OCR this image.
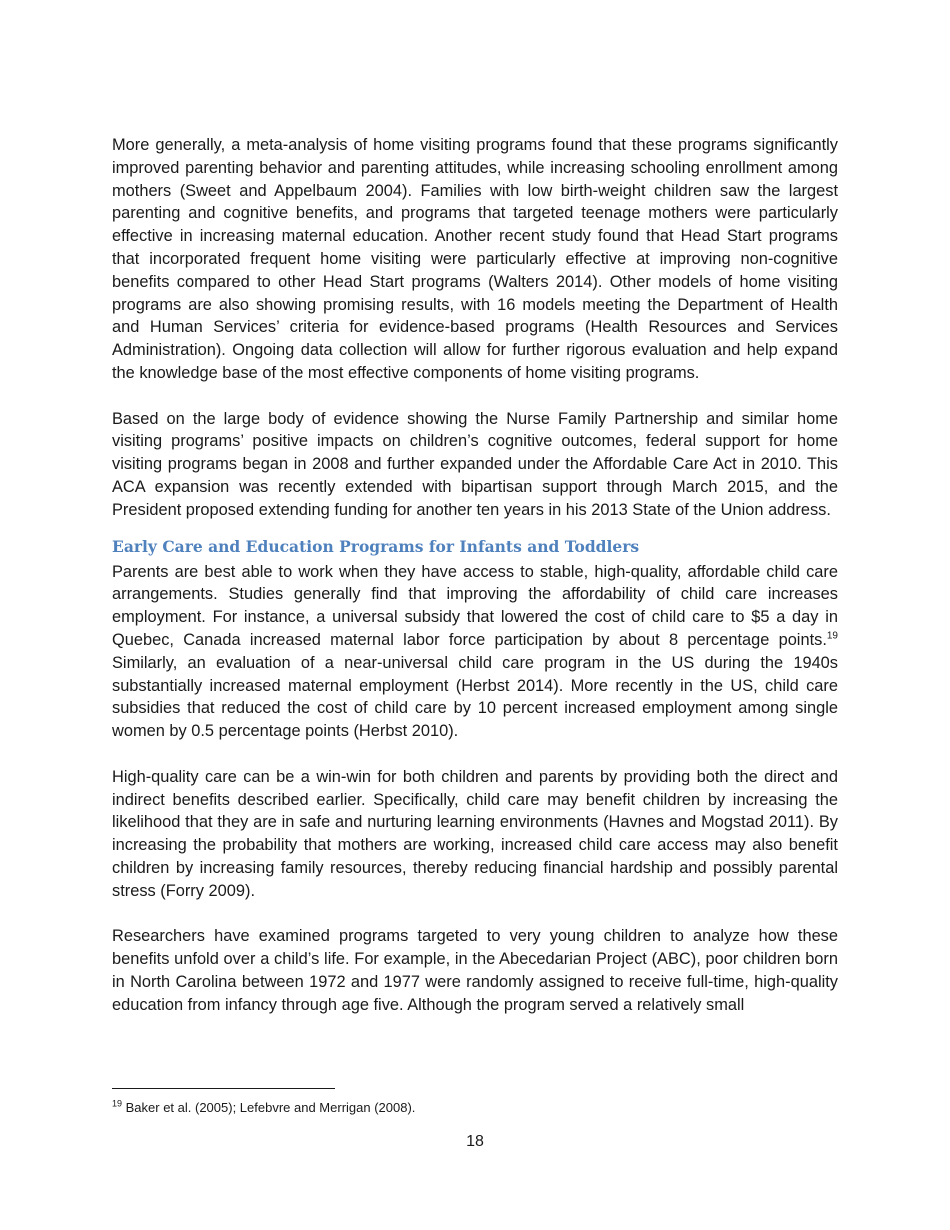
More generally, a meta-analysis of home visiting programs found that these programs significantly improved parenting behavior and parenting attitudes, while increasing schooling enrollment among mothers (Sweet and Appelbaum 2004). Families with low birth-weight children saw the largest parenting and cognitive benefits, and programs that targeted teenage mothers were particularly effective in increasing maternal education. Another recent study found that Head Start programs that incorporated frequent home visiting were particularly effective at improving non-cognitive benefits compared to other Head Start programs (Walters 2014). Other models of home visiting programs are also showing promising results, with 16 models meeting the Department of Health and Human Services’ criteria for evidence-based programs (Health Resources and Services Administration). Ongoing data collection will allow for further rigorous evaluation and help expand the knowledge base of the most effective components of home visiting programs.

Based on the large body of evidence showing the Nurse Family Partnership and similar home visiting programs’ positive impacts on children’s cognitive outcomes, federal support for home visiting programs began in 2008 and further expanded under the Affordable Care Act in 2010. This ACA expansion was recently extended with bipartisan support through March 2015, and the President proposed extending funding for another ten years in his 2013 State of the Union address.

Early Care and Education Programs for Infants and Toddlers

Parents are best able to work when they have access to stable, high-quality, affordable child care arrangements. Studies generally find that improving the affordability of child care increases employment. For instance, a universal subsidy that lowered the cost of child care to $5 a day in Quebec, Canada increased maternal labor force participation by about 8 percentage points.$^{19}$ Similarly, an evaluation of a near-universal child care program in the US during the 1940s substantially increased maternal employment (Herbst 2014). More recently in the US, child care subsidies that reduced the cost of child care by 10 percent increased employment among single women by 0.5 percentage points (Herbst 2010).

High-quality care can be a win-win for both children and parents by providing both the direct and indirect benefits described earlier. Specifically, child care may benefit children by increasing the likelihood that they are in safe and nurturing learning environments (Havnes and Mogstad 2011). By increasing the probability that mothers are working, increased child care access may also benefit children by increasing family resources, thereby reducing financial hardship and possibly parental stress (Forry 2009).

Researchers have examined programs targeted to very young children to analyze how these benefits unfold over a child’s life. For example, in the Abecedarian Project (ABC), poor children born in North Carolina between 1972 and 1977 were randomly assigned to receive full-time, high-quality education from infancy through age five. Although the program served a relatively small

$^{19}$ Baker et al. (2005); Lefebvre and Merrigan (2008).
18
